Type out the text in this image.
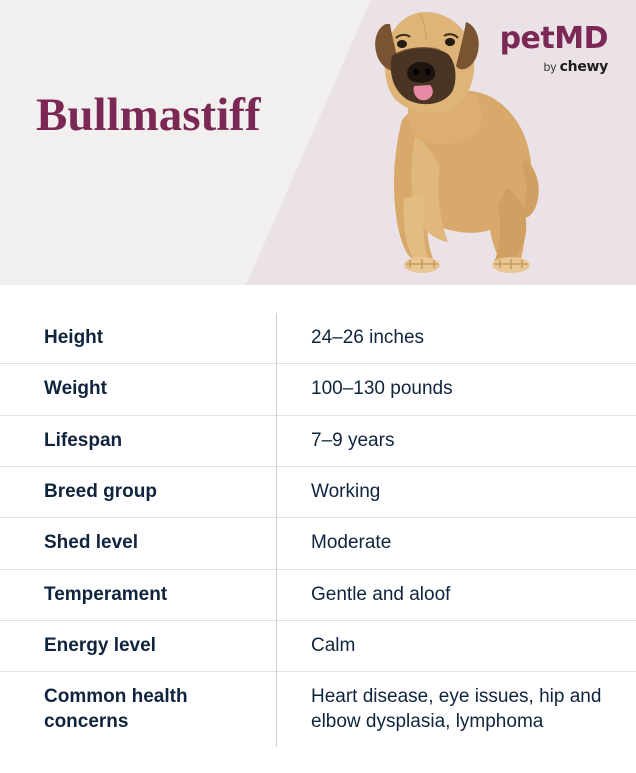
petMD
by chewy
Bullmastiff
Height	24–26 inches
Weight	100–130 pounds
Lifespan	7–9 years
Breed group	Working
Shed level	Moderate
Temperament	Gentle and aloof
Energy level	Calm
Common health concerns	Heart disease, eye issues, hip and elbow dysplasia, lymphoma
